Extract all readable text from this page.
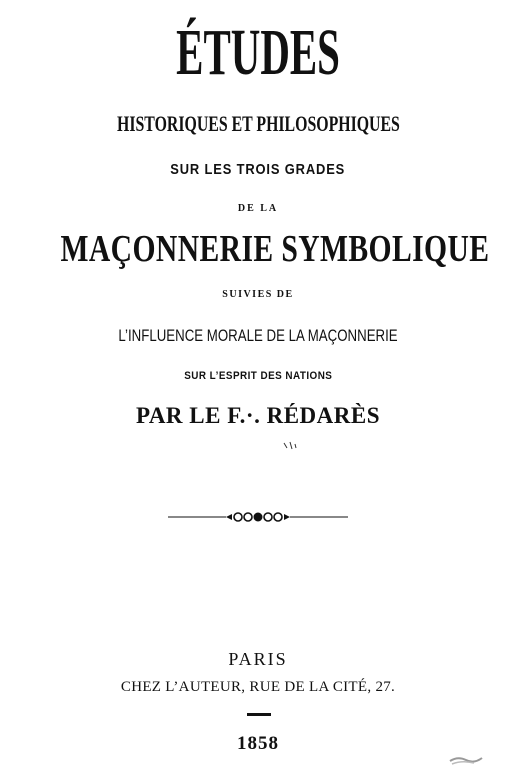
ÉTUDES
HISTORIQUES ET PHILOSOPHIQUES
SUR LES TROIS GRADES
DE LA
MAÇONNERIE SYMBOLIQUE
SUIVIES DE
L’INFLUENCE MORALE DE LA MAÇONNERIE
SUR L’ESPRIT DES NATIONS
PAR LE F.·. RÉDARÈS
PARIS
CHEZ L’AUTEUR, RUE DE LA CITÉ, 27.
1858
